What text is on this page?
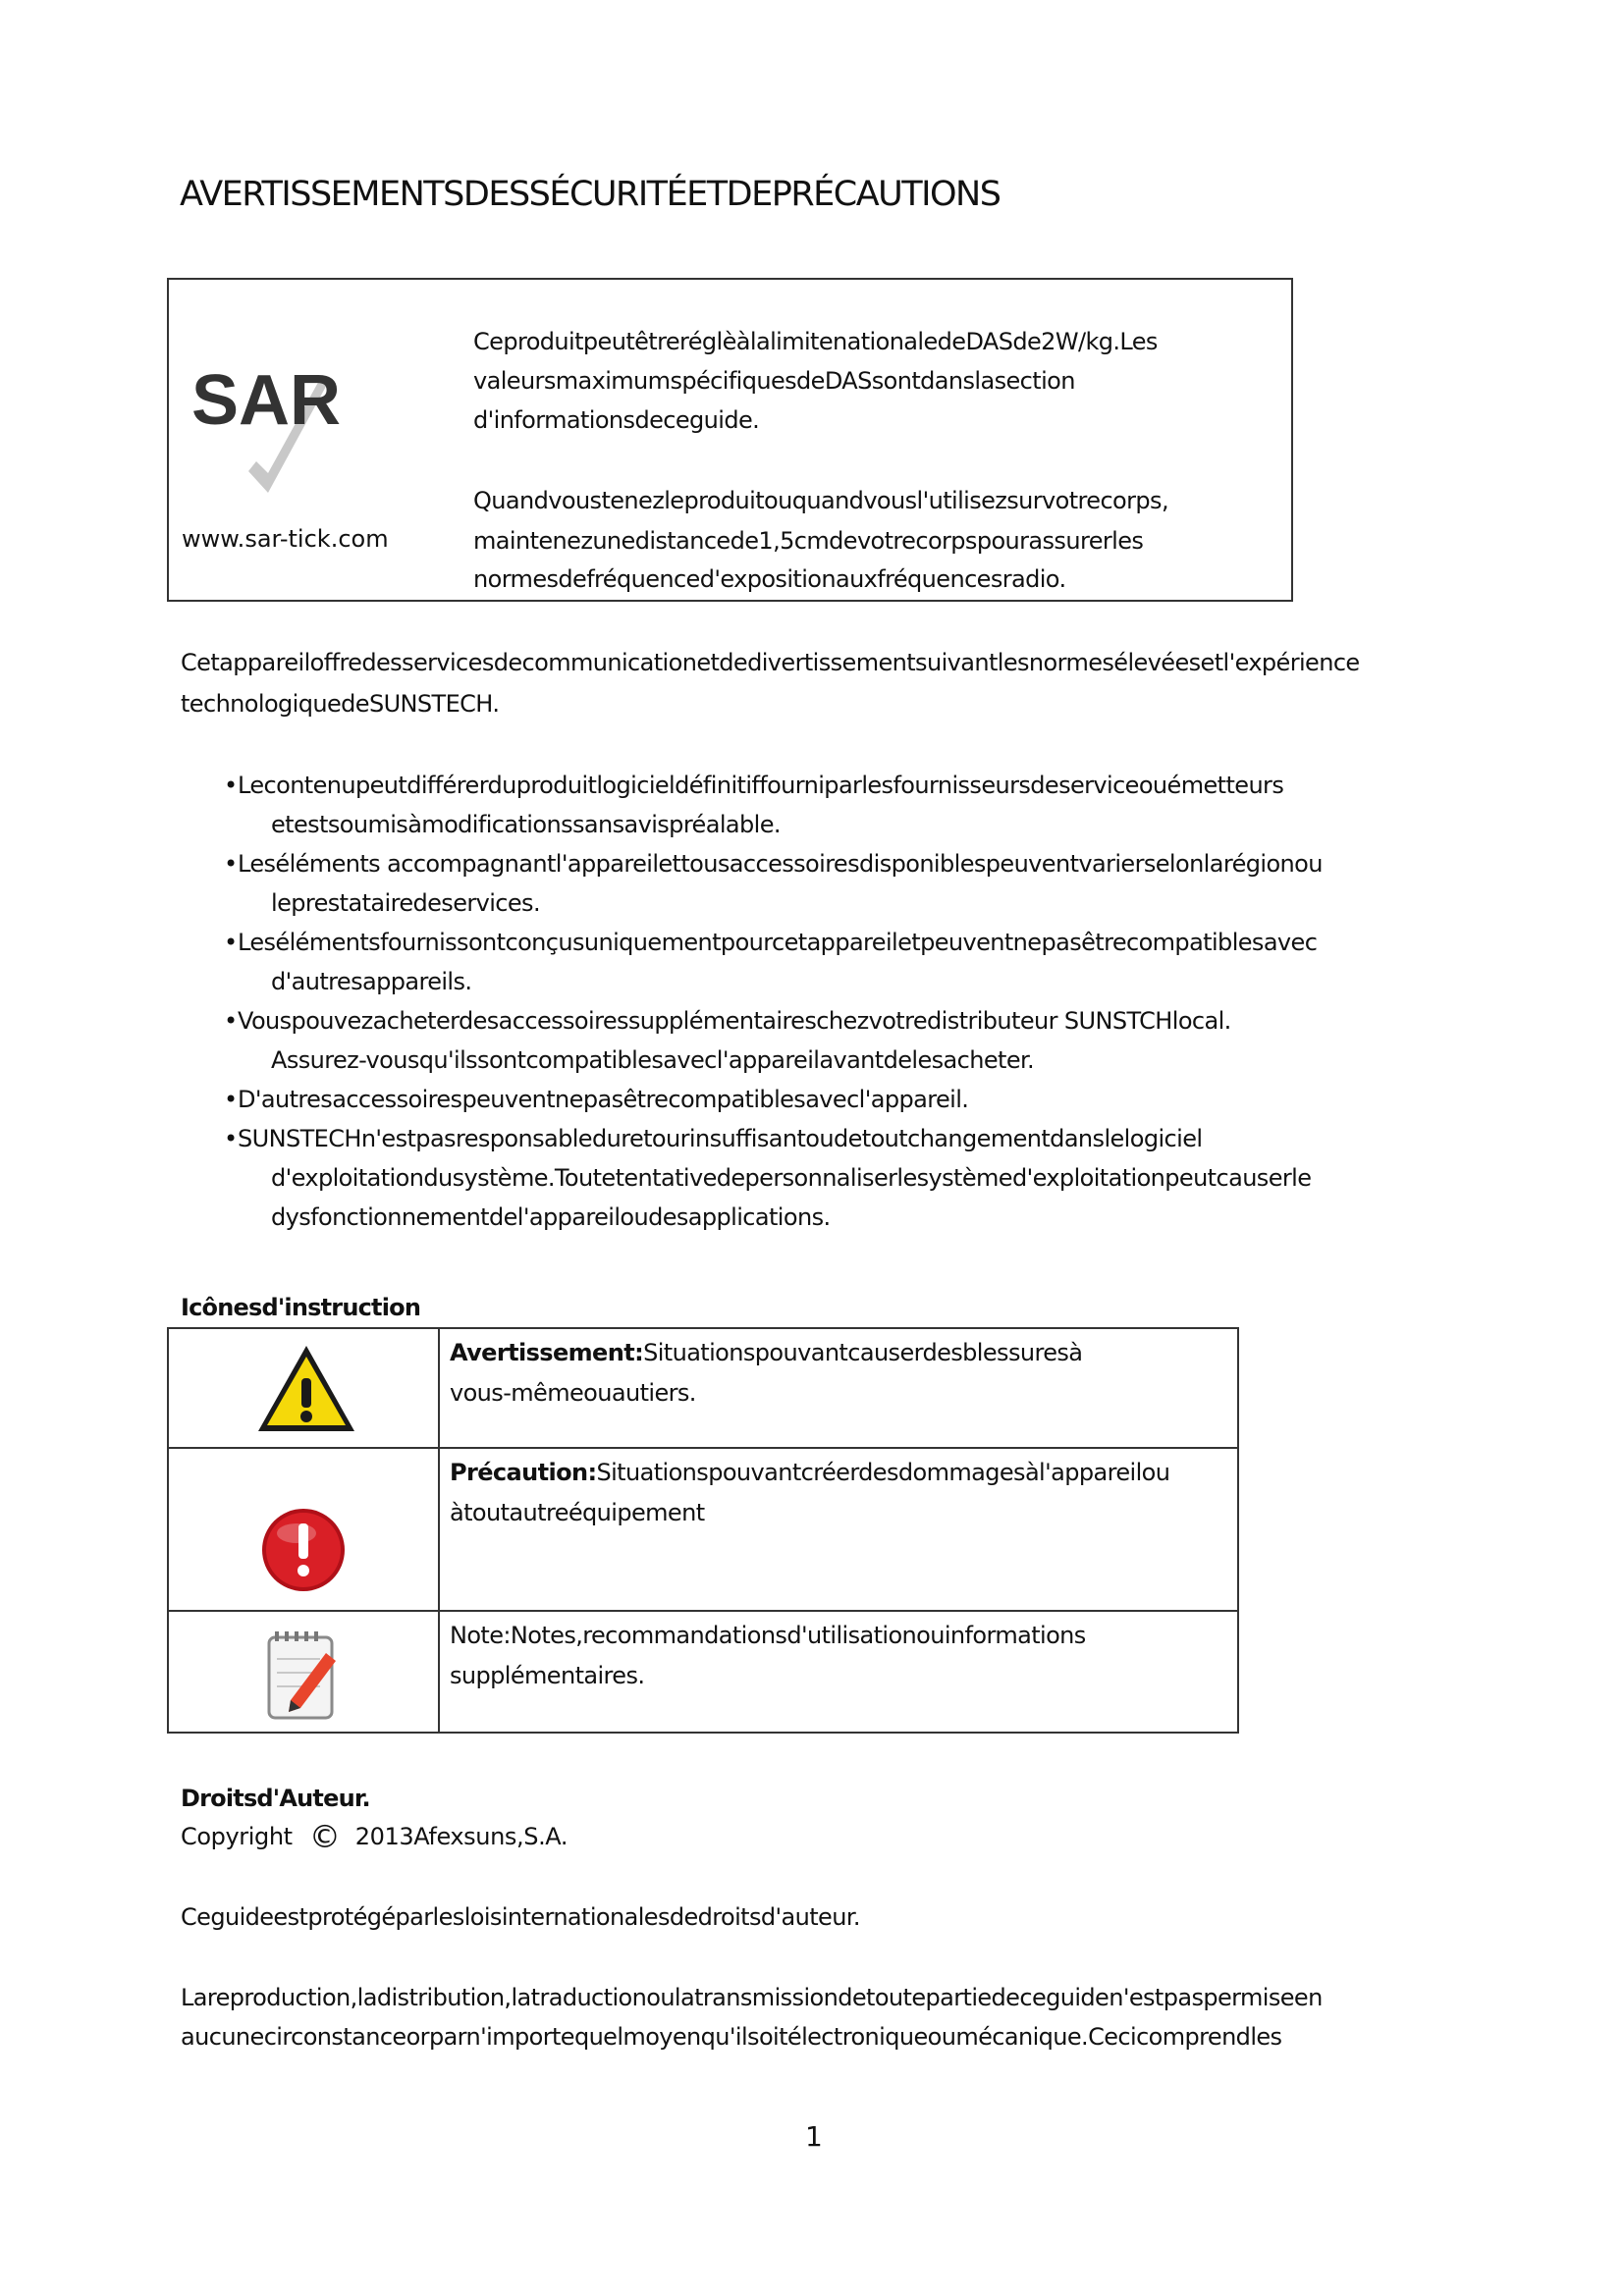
AVERTISSEMENTSDESSÉCURITÉETDEPRÉCAUTIONS
SAR
www.sar-tick.com
CeproduitpeutêtreréglèàlalimitenationaledeDASde2W/kg.Les
valeursmaximumspécifiquesdeDASsontdanslasection
d'informationsdeceguide.
Quandvoustenezleproduitouquandvousl'utilisezsurvotrecorps,
maintenezunedistancede1,5cmdevotrecorpspourassurerles
normesdefréquenced'expositionauxfréquencesradio.
Cetappareiloffredesservicesdecommunicationetdedivertissementsuivantlesnormesélevéesetl'expérience
technologiquedeSUNSTECH.
• Lecontenupeutdifférerduproduitlogicieldéfinitiffourniparlesfournisseursdeserviceouémetteurs
etestsoumisàmodificationssansavispréalable.
• Leséléments accompagnantl'appareilettousaccessoiresdisponiblespeuventvarierselonlarégionou
leprestatairedeservices.
• Lesélémentsfournissontconçusuniquementpourcetappareiletpeuventnepasêtrecompatiblesavec
d'autresappareils.
• Vouspouvezacheterdesaccessoiressupplémentaireschezvotredistributeur SUNSTCHlocal.
Assurez-vousqu'ilssontcompatiblesavecl'appareilavantdelesacheter.
• D'autresaccessoirespeuventnepasêtrecompatiblesavecl'appareil.
• SUNSTECHn'estpasresponsableduretourinsuffisantoudetoutchangementdanslelogiciel
d'exploitationdusystème.Toutetentativedepersonnaliserlesystèmed'exploitationpeutcauserle
dysfonctionnementdel'appareiloudesapplications.
Icônesd'instruction
	Avertissement:Situationspouvantcauserdesblessuresà
vous-mêmeouautiers.

	Précaution:Situationspouvantcréerdesdommagesàl'appareilou
àtoutautreéquipement

	Note:Notes,recommandationsd'utilisationouinformations
supplémentaires.
Droitsd'Auteur.
Copyright © 2013Afexsuns,S.A.
Ceguideestprotégéparlesloisinternationalesdedroitsd'auteur.
Lareproduction,ladistribution,latraductionoulatransmissiondetoutepartiedeceguiden'estpaspermiseen
aucunecirconstanceorparn'importequelmoyenqu'ilsoitélectroniqueoumécanique.Cecicomprendles
1
